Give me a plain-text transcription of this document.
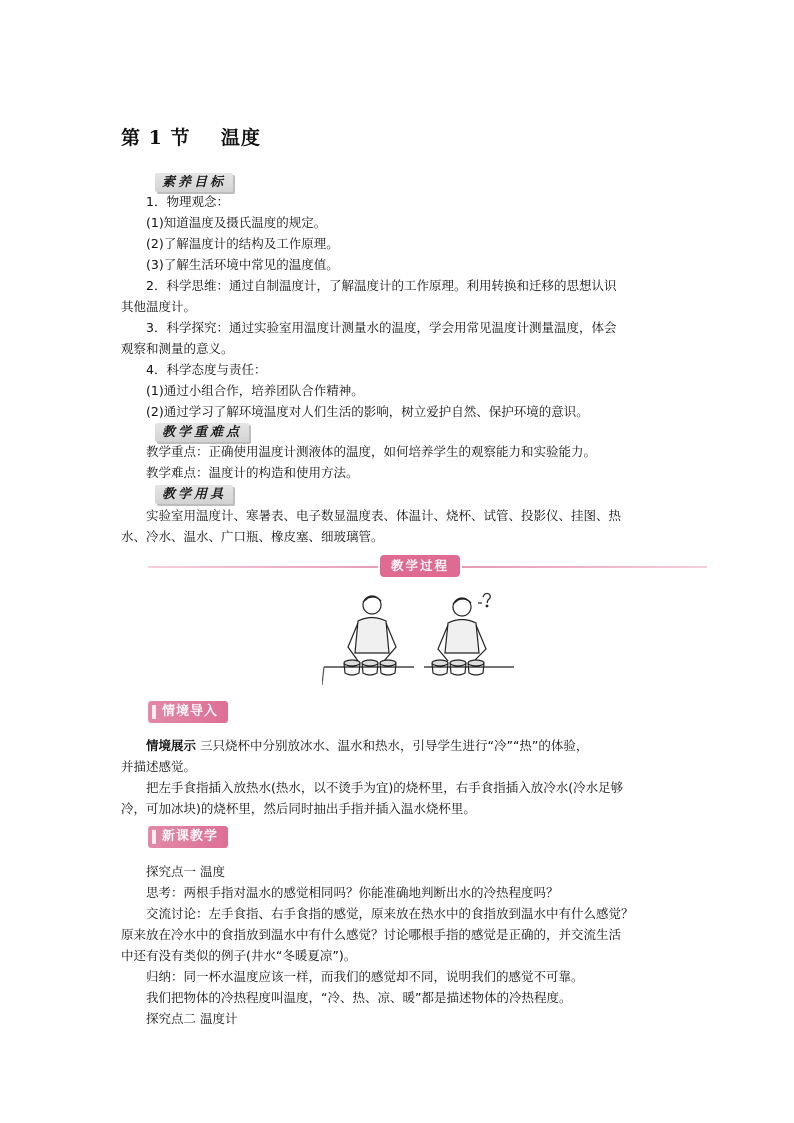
第 1 节    温度
素养目标
1．物理观念：
(1)知道温度及摄氏温度的规定。
(2)了解温度计的结构及工作原理。
(3)了解生活环境中常见的温度值。
2．科学思维：通过自制温度计，了解温度计的工作原理。利用转换和迁移的思想认识
其他温度计。
3．科学探究：通过实验室用温度计测量水的温度，学会用常见温度计测量温度，体会
观察和测量的意义。
4．科学态度与责任：
(1)通过小组合作，培养团队合作精神。
(2)通过学习了解环境温度对人们生活的影响，树立爱护自然、保护环境的意识。
教学重难点
教学重点：正确使用温度计测液体的温度，如何培养学生的观察能力和实验能力。
教学难点：温度计的构造和使用方法。
教学用具
实验室用温度计、寒暑表、电子数显温度表、体温计、烧杯、试管、投影仪、挂图、热
水、冷水、温水、广口瓶、橡皮塞、细玻璃管。
教学过程
情境导入
情境展示 三只烧杯中分别放冰水、温水和热水，引导学生进行“冷”“热”的体验，
并描述感觉。
把左手食指插入放热水(热水，以不烫手为宜)的烧杯里，右手食指插入放冷水(冷水足够
冷，可加冰块)的烧杯里，然后同时抽出手指并插入温水烧杯里。
新课教学
探究点一 温度
思考：两根手指对温水的感觉相同吗？你能准确地判断出水的冷热程度吗？
交流讨论：左手食指、右手食指的感觉，原来放在热水中的食指放到温水中有什么感觉？
原来放在冷水中的食指放到温水中有什么感觉？讨论哪根手指的感觉是正确的，并交流生活
中还有没有类似的例子(井水“冬暖夏凉”)。
归纳：同一杯水温度应该一样，而我们的感觉却不同，说明我们的感觉不可靠。
我们把物体的冷热程度叫温度，“冷、热、凉、暖”都是描述物体的冷热程度。
探究点二 温度计
